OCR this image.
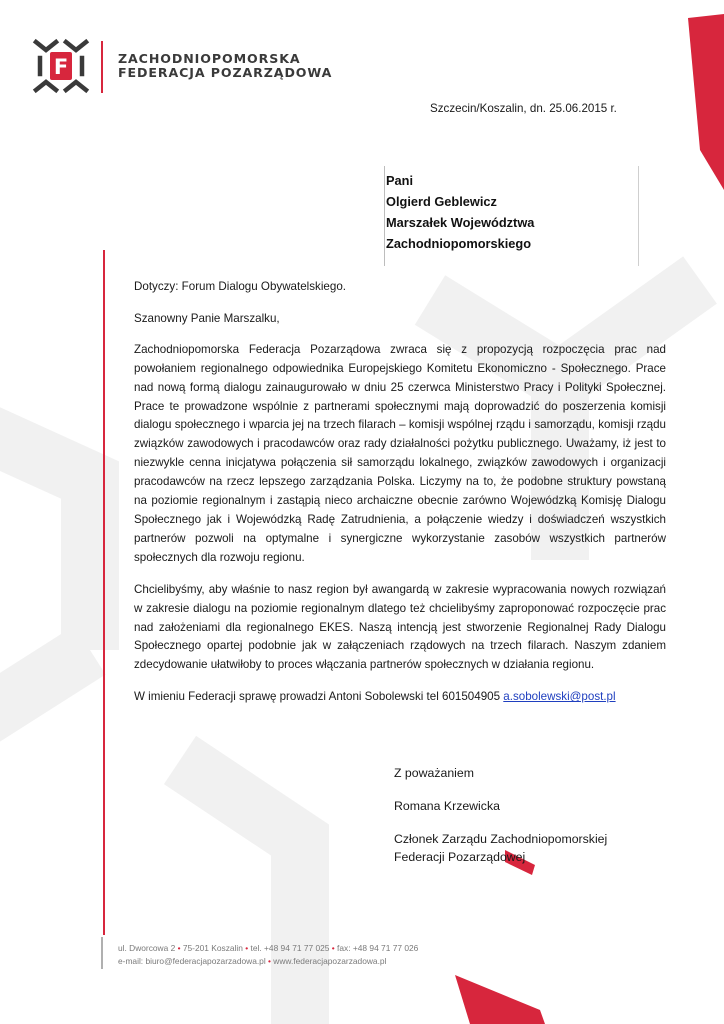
F	ZACHODNIOPOMORSKA
FEDERACJA POZARZĄDOWA
Szczecin/Koszalin, dn. 25.06.2015 r.
Pani
Olgierd Geblewicz
Marszałek Województwa
Zachodniopomorskiego

Dotyczy: Forum Dialogu Obywatelskiego.

Szanowny Panie Marszalku,

Zachodniopomorska Federacja Pozarządowa zwraca się z propozycją rozpoczęcia prac nad powołaniem regionalnego odpowiednika Europejskiego Komitetu Ekonomiczno - Społecznego. Prace nad nową formą dialogu zainaugurowało w dniu 25 czerwca Ministerstwo Pracy i Polityki Społecznej. Prace te prowadzone wspólnie z partnerami społecznymi mają doprowadzić do poszerzenia komisji dialogu społecznego i wparcia jej na trzech filarach – komisji wspólnej rządu i samorządu, komisji rządu związków zawodowych i pracodawców oraz rady działalności pożytku publicznego. Uważamy, iż jest to niezwykle cenna inicjatywa połączenia sił samorządu lokalnego, związków zawodowych i organizacji pracodawców na rzecz lepszego zarządzania Polska. Liczymy na to, że podobne struktury powstaną na poziomie regionalnym i zastąpią nieco archaiczne obecnie zarówno Wojewódzką Komisję Dialogu Społecznego jak i Wojewódzką Radę Zatrudnienia, a połączenie wiedzy i doświadczeń wszystkich partnerów pozwoli na optymalne i synergiczne wykorzystanie zasobów wszystkich partnerów społecznych dla rozwoju regionu.

Chcielibyśmy, aby właśnie to nasz region był awangardą w zakresie wypracowania nowych rozwiązań w zakresie dialogu na poziomie regionalnym dlatego też chcielibyśmy zaproponować rozpoczęcie prac nad założeniami dla regionalnego EKES. Naszą intencją jest stworzenie Regionalnej Rady Dialogu Społecznego opartej podobnie jak w załączeniach rządowych na trzech filarach. Naszym zdaniem zdecydowanie ułatwiłoby to proces włączania partnerów społecznych w działania regionu.

W imieniu Federacji sprawę prowadzi Antoni Sobolewski tel 601504905 a.sobolewski@post.pl

Z poważaniem
Romana Krzewicka
Członek Zarządu Zachodniopomorskiej
Federacji Pozarządowej
ul. Dworcowa 2 • 75-201 Koszalin • tel. +48 94 71 77 025 • fax: +48 94 71 77 026
e-mail: biuro@federacjapozarzadowa.pl • www.federacjapozarzadowa.pl
